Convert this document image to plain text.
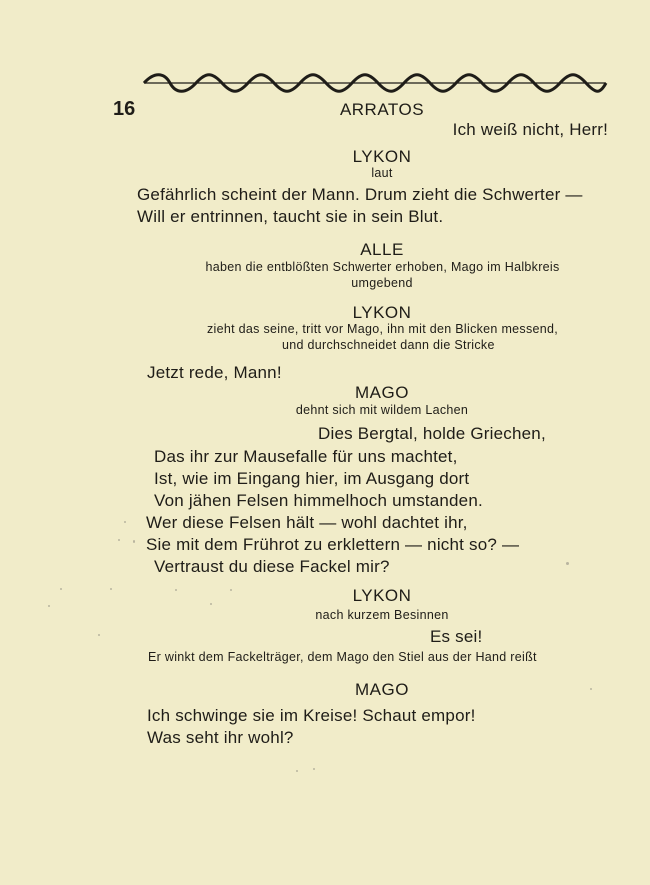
16	ARRATOS
Ich weiß nicht, Herr!
LYKON
laut
Gefährlich scheint der Mann. Drum zieht die Schwerter —
Will er entrinnen, taucht sie in sein Blut.
ALLE
haben die entblößten Schwerter erhoben, Mago im Halbkreis
umgebend
LYKON
zieht das seine, tritt vor Mago, ihn mit den Blicken messend,
und durchschneidet dann die Stricke
Jetzt rede, Mann!
MAGO
dehnt sich mit wildem Lachen
Dies Bergtal, holde Griechen,
Das ihr zur Mausefalle für uns machtet,
Ist, wie im Eingang hier, im Ausgang dort
Von jähen Felsen himmelhoch umstanden.
Wer diese Felsen hält — wohl dachtet ihr,
Sie mit dem Frührot zu erklettern — nicht so? —
Vertraust du diese Fackel mir?
LYKON
nach kurzem Besinnen
Es sei!
Er winkt dem Fackelträger, dem Mago den Stiel aus der Hand reißt
MAGO
Ich schwinge sie im Kreise! Schaut empor!
Was seht ihr wohl?
